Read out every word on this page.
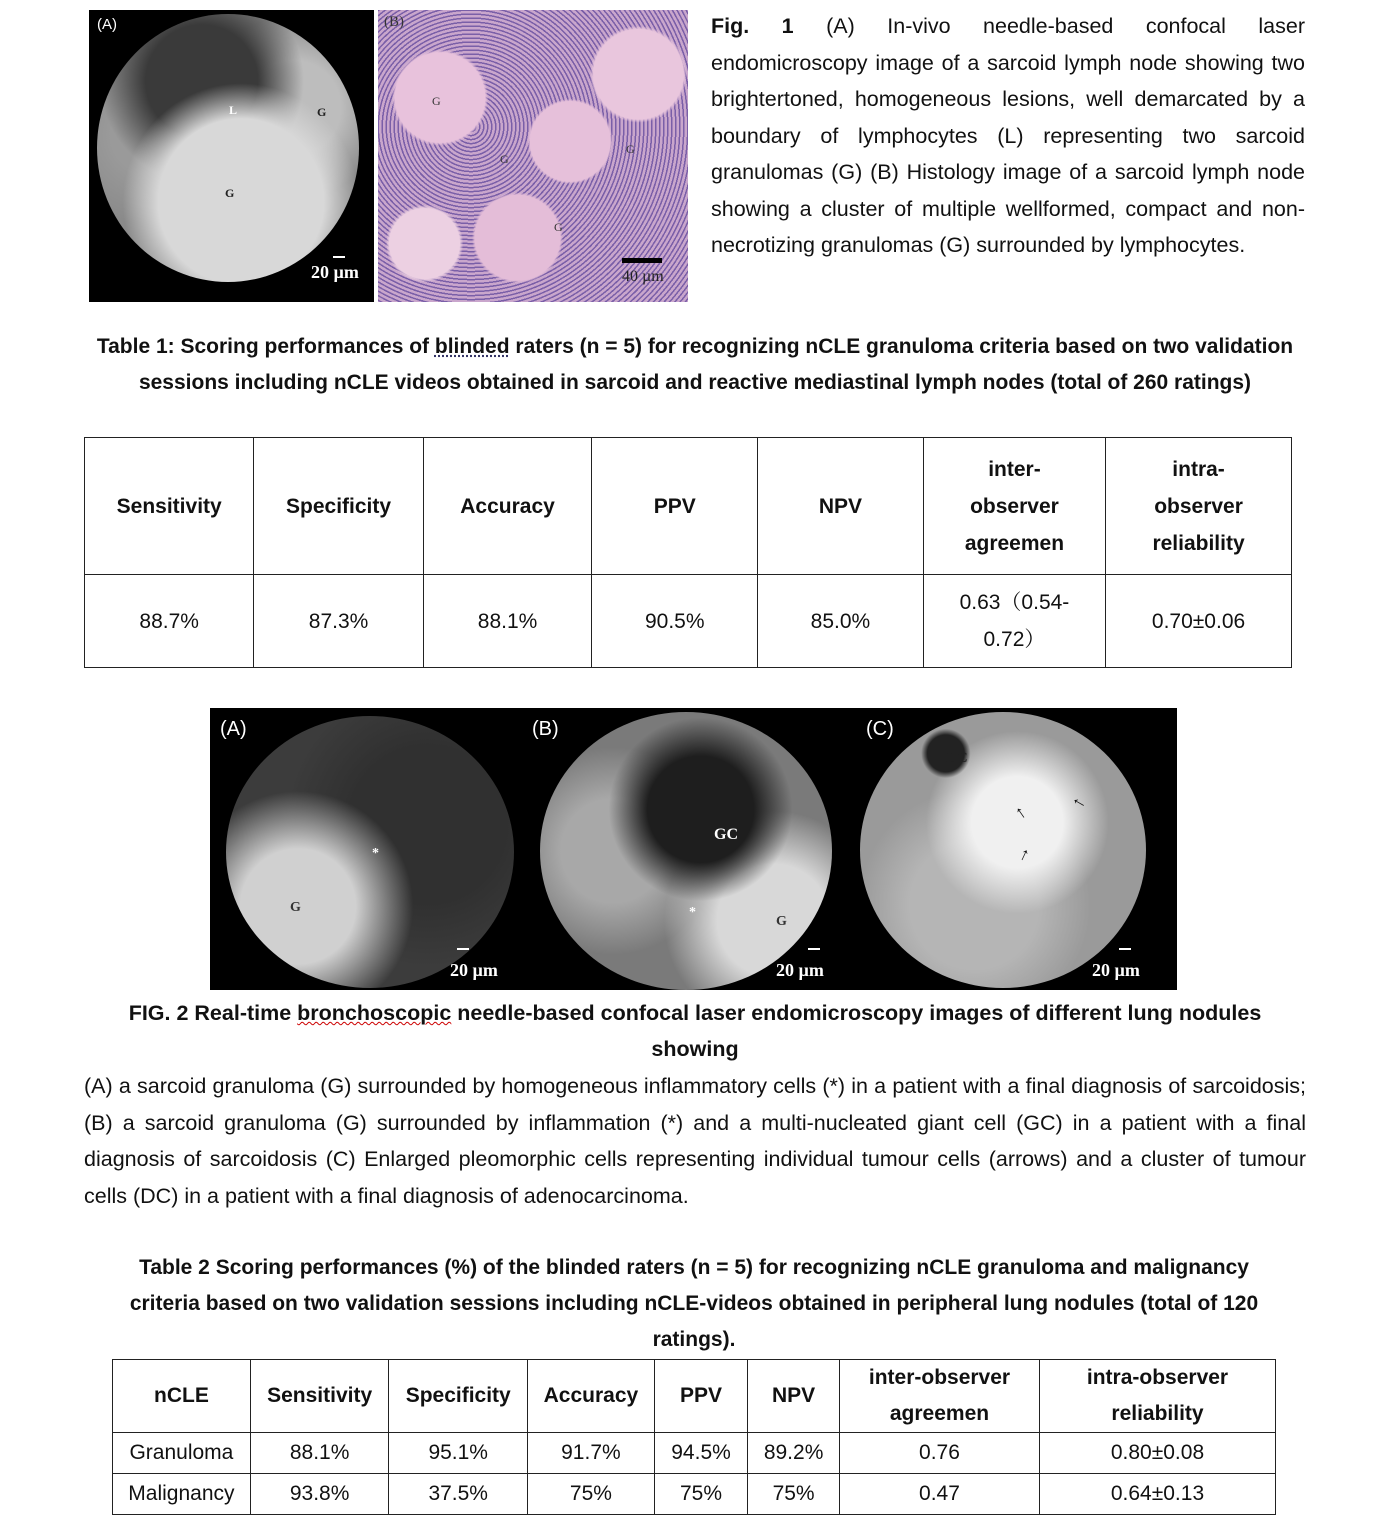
(A)
L	G
G
20 µm
(B)
G
G
G
G
40 µm
Fig. 1 (A) In-vivo needle-based confocal laser endomicroscopy image of a sarcoid lymph node showing two brightertoned, homogeneous lesions, well demarcated by a boundary of lymphocytes (L) representing two sarcoid granulomas (G) (B) Histology image of a sarcoid lymph node showing a cluster of multiple wellformed, compact and non-necrotizing granulomas (G) surrounded by lymphocytes.
Table 1: Scoring performances of blinded raters (n = 5) for recognizing nCLE granuloma criteria based on two validation sessions including nCLE videos obtained in sarcoid and reactive mediastinal lymph nodes (total of 260 ratings)
Sensitivity	Specificity	Accuracy	PPV	NPV	inter-observer agreemen	intra-observer reliability
88.7%	87.3%	88.1%	90.5%	85.0%	0.63（0.54-0.72）	0.70±0.06
(A)
*
G
20 µm
(B)
GC
*
G
20 µm
(C)
DC
↑ ↑
↑
20 µm
FIG. 2 Real-time bronchoscopic needle-based confocal laser endomicroscopy images of different lung nodules showing
(A) a sarcoid granuloma (G) surrounded by homogeneous inflammatory cells (*) in a patient with a final diagnosis of sarcoidosis; (B) a sarcoid granuloma (G) surrounded by inflammation (*) and a multi-nucleated giant cell (GC) in a patient with a final diagnosis of sarcoidosis (C) Enlarged pleomorphic cells representing individual tumour cells (arrows) and a cluster of tumour cells (DC) in a patient with a final diagnosis of adenocarcinoma.
Table 2 Scoring performances (%) of the blinded raters (n = 5) for recognizing nCLE granuloma and malignancy criteria based on two validation sessions including nCLE-videos obtained in peripheral lung nodules (total of 120 ratings).
nCLE	Sensitivity	Specificity	Accuracy	PPV	NPV	inter-observer agreemen	intra-observer reliability
Granuloma	88.1%	95.1%	91.7%	94.5%	89.2%	0.76	0.80±0.08
Malignancy	93.8%	37.5%	75%	75%	75%	0.47	0.64±0.13
